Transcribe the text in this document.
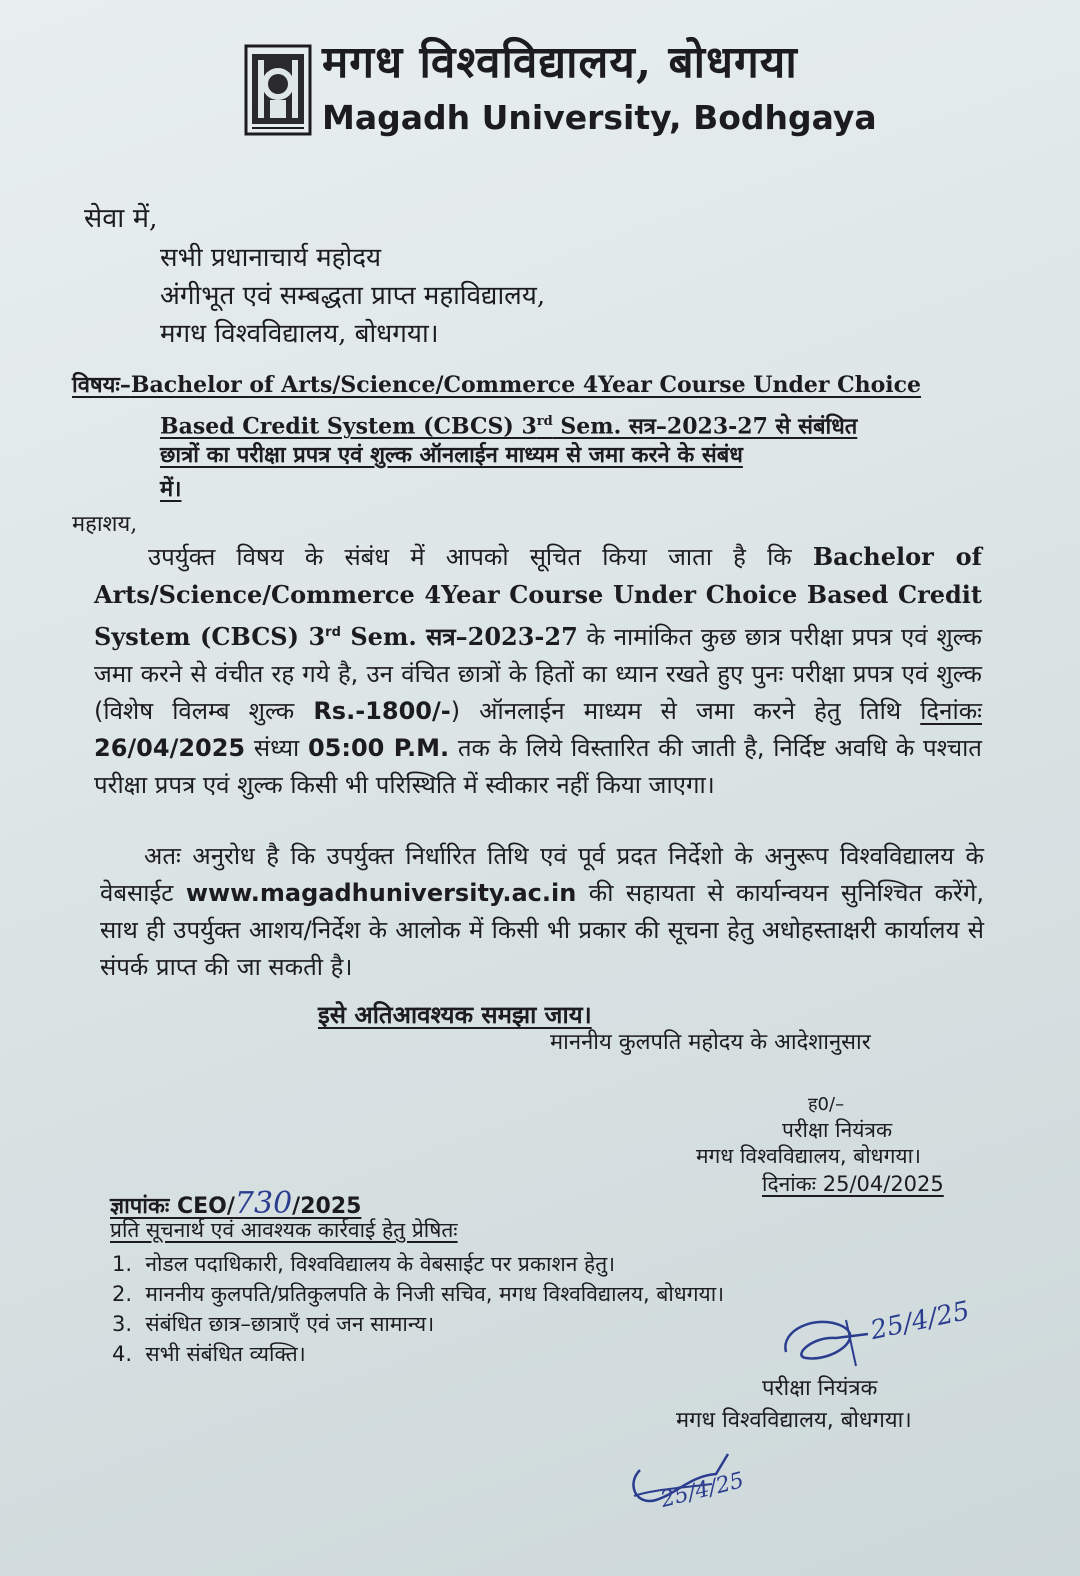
मगध विश्वविद्यालय, बोधगया
Magadh University, Bodhgaya
सेवा में,
सभी प्रधानाचार्य महोदय
अंगीभूत एवं सम्बद्धता प्राप्त महाविद्यालय,
मगध विश्वविद्यालय, बोधगया।
विषयः–Bachelor of Arts/Science/Commerce 4Year Course Under Choice
Based Credit System (CBCS) 3rd Sem. सत्र–2023-27 से संबंधित
छात्रों का परीक्षा प्रपत्र एवं शुल्क ऑनलाईन माध्यम से जमा करने के संबंध
में।
महाशय,
उपर्युक्त विषय के संबंध में आपको सूचित किया जाता है कि Bachelor of Arts/Science/Commerce 4Year Course Under Choice Based Credit System (CBCS) 3rd Sem. सत्र–2023-27 के नामांकित कुछ छात्र परीक्षा प्रपत्र एवं शुल्क जमा करने से वंचीत रह गये है, उन वंचित छात्रों के हितों का ध्यान रखते हुए पुनः परीक्षा प्रपत्र एवं शुल्क (विशेष विलम्ब शुल्क Rs.-1800/-) ऑनलाईन माध्यम से जमा करने हेतु तिथि दिनांकः 26/04/2025 संध्या 05:00 P.M. तक के लिये विस्तारित की जाती है, निर्दिष्ट अवधि के पश्चात परीक्षा प्रपत्र एवं शुल्क किसी भी परिस्थिति में स्वीकार नहीं किया जाएगा।
अतः अनुरोध है कि उपर्युक्त निर्धारित तिथि एवं पूर्व प्रदत निर्देशो के अनुरूप विश्वविद्यालय के वेबसाईट www.magadhuniversity.ac.in की सहायता से कार्यान्वयन सुनिश्चित करेंगे, साथ ही उपर्युक्त आशय/निर्देश के आलोक में किसी भी प्रकार की सूचना हेतु अधोहस्ताक्षरी कार्यालय से संपर्क प्राप्त की जा सकती है।
इसे अतिआवश्यक समझा जाय।
माननीय कुलपति महोदय के आदेशानुसार
ह0/–
परीक्षा नियंत्रक
मगध विश्वविद्यालय, बोधगया।
दिनांकः 25/04/2025
ज्ञापांकः CEO/730/2025
प्रति सूचनार्थ एवं आवश्यक कार्रवाई हेतु प्रेषितः
1. नोडल पदाधिकारी, विश्वविद्यालय के वेबसाईट पर प्रकाशन हेतु।
2. माननीय कुलपति/प्रतिकुलपति के निजी सचिव, मगध विश्वविद्यालय, बोधगया।
3. संबंधित छात्र–छात्राएँ एवं जन सामान्य।
4. सभी संबंधित व्यक्ति।
25/4/25
परीक्षा नियंत्रक
मगध विश्वविद्यालय, बोधगया।
25/4/25
